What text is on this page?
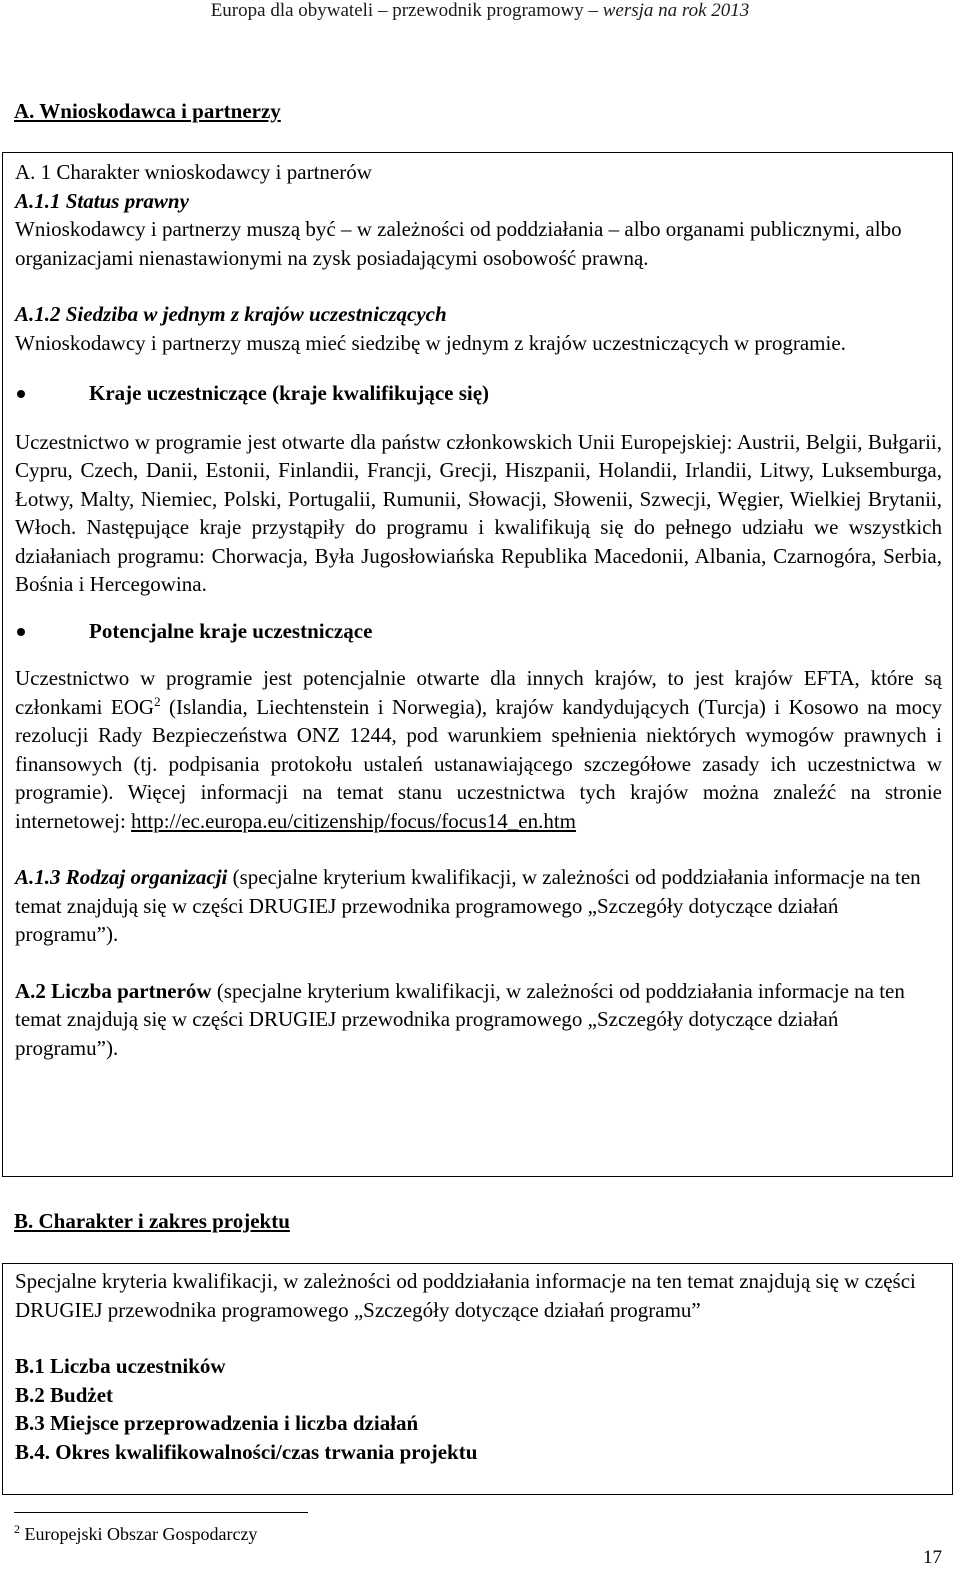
Europa dla obywateli – przewodnik programowy – wersja na rok 2013
A. Wnioskodawca i partnerzy

A. 1 Charakter wnioskodawcy i partnerów

A.1.1 Status prawny

Wnioskodawcy i partnerzy muszą być – w zależności od poddziałania – albo organami publicznymi, albo organizacjami nienastawionymi na zysk posiadającymi osobowość prawną.

A.1.2 Siedziba w jednym z krajów uczestniczących

Wnioskodawcy i partnerzy muszą mieć siedzibę w jednym z krajów uczestniczących w programie.

Kraje uczestniczące (kraje kwalifikujące się)

Uczestnictwo w programie jest otwarte dla państw członkowskich Unii Europejskiej: Austrii, Belgii, Bułgarii, Cypru, Czech, Danii, Estonii, Finlandii, Francji, Grecji, Hiszpanii, Holandii, Irlandii, Litwy, Luksemburga, Łotwy, Malty, Niemiec, Polski, Portugalii, Rumunii, Słowacji, Słowenii, Szwecji, Węgier, Wielkiej Brytanii, Włoch. Następujące kraje przystąpiły do programu i kwalifikują się do pełnego udziału we wszystkich działaniach programu: Chorwacja, Była Jugosłowiańska Republika Macedonii, Albania, Czarnogóra, Serbia, Bośnia i Hercegowina.

Potencjalne kraje uczestniczące

Uczestnictwo w programie jest potencjalnie otwarte dla innych krajów, to jest krajów EFTA, które są członkami EOG$^2$ (Islandia, Liechtenstein i Norwegia), krajów kandydujących (Turcja) i Kosowo na mocy rezolucji Rady Bezpieczeństwa ONZ 1244, pod warunkiem spełnienia niektórych wymogów prawnych i finansowych (tj. podpisania protokołu ustaleń ustanawiającego szczegółowe zasady ich uczestnictwa w programie). Więcej informacji na temat stanu uczestnictwa tych krajów można znaleźć na stronie internetowej: http://ec.europa.eu/citizenship/focus/focus14_en.htm

A.1.3 Rodzaj organizacji (specjalne kryterium kwalifikacji, w zależności od poddziałania informacje na ten temat znajdują się w części DRUGIEJ przewodnika programowego „Szczegóły dotyczące działań programu”).

A.2 Liczba partnerów (specjalne kryterium kwalifikacji, w zależności od poddziałania informacje na ten temat znajdują się w części DRUGIEJ przewodnika programowego „Szczegóły dotyczące działań programu”).

B. Charakter i zakres projektu

Specjalne kryteria kwalifikacji, w zależności od poddziałania informacje na ten temat znajdują się w części DRUGIEJ przewodnika programowego „Szczegóły dotyczące działań programu”

B.1 Liczba uczestników

B.2 Budżet

B.3 Miejsce przeprowadzenia i liczba działań

B.4. Okres kwalifikowalności/czas trwania projektu

$^2$ Europejski Obszar Gospodarczy
17
